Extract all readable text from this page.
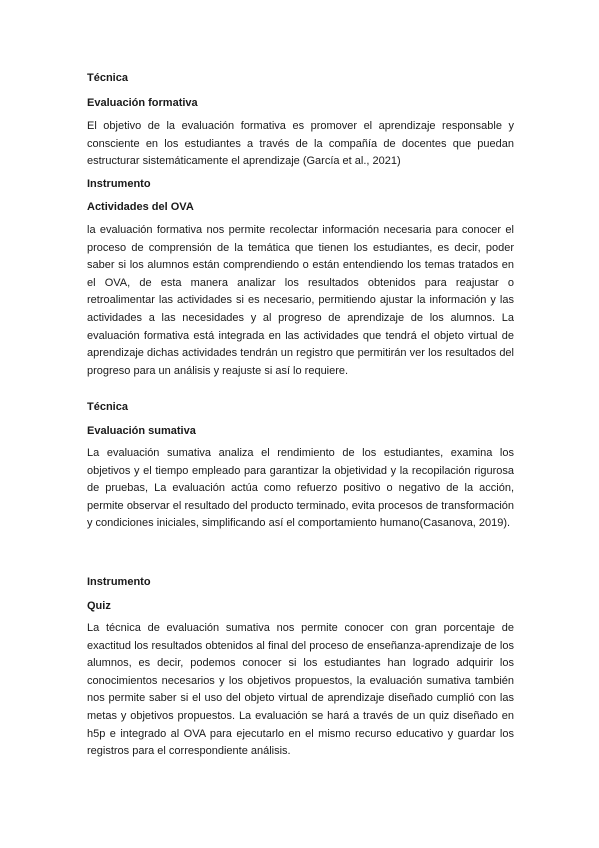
Técnica

Evaluación formativa

El objetivo de la evaluación formativa es promover el aprendizaje responsable y consciente en los estudiantes a través de la compañía de docentes que puedan estructurar sistemáticamente el aprendizaje (García et al., 2021)

Instrumento

Actividades del OVA

la evaluación formativa nos permite recolectar información necesaria para conocer el proceso de comprensión de la temática que tienen los estudiantes, es decir, poder saber si los alumnos están comprendiendo o están entendiendo los temas tratados en el OVA, de esta manera analizar los resultados obtenidos para reajustar o retroalimentar las actividades si es necesario, permitiendo ajustar la información y las actividades a las necesidades y al progreso de aprendizaje de los alumnos. La evaluación formativa está integrada en las actividades que tendrá el objeto virtual de aprendizaje dichas actividades tendrán un registro que permitirán ver los resultados del progreso para un análisis y reajuste si así lo requiere.

Técnica

Evaluación sumativa

La evaluación sumativa analiza el rendimiento de los estudiantes, examina los objetivos y el tiempo empleado para garantizar la objetividad y la recopilación rigurosa de pruebas, La evaluación actúa como refuerzo positivo o negativo de la acción, permite observar el resultado del producto terminado, evita procesos de transformación y condiciones iniciales, simplificando así el comportamiento humano(Casanova, 2019).

Instrumento

Quiz

La técnica de evaluación sumativa nos permite conocer con gran porcentaje de exactitud los resultados obtenidos al final del proceso de enseñanza-aprendizaje de los alumnos, es decir, podemos conocer si los estudiantes han logrado adquirir los conocimientos necesarios y los objetivos propuestos, la evaluación sumativa también nos permite saber si el uso del objeto virtual de aprendizaje diseñado cumplió con las metas y objetivos propuestos. La evaluación se hará a través de un quiz diseñado en h5p e integrado al OVA para ejecutarlo en el mismo recurso educativo y guardar los registros para el correspondiente análisis.
